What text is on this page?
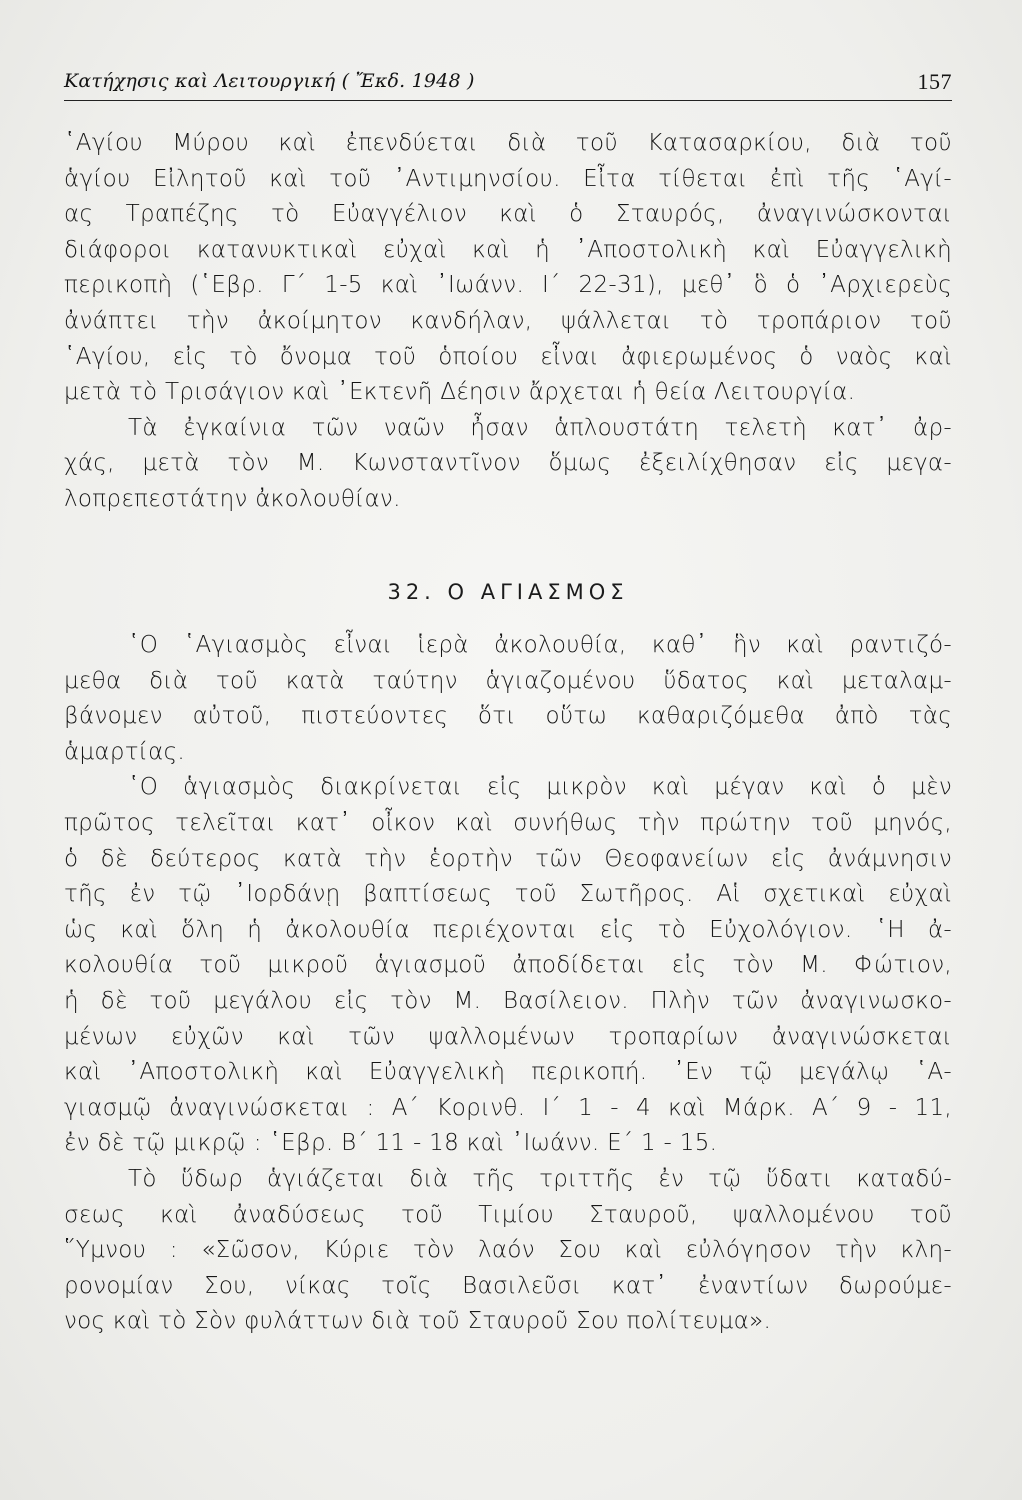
Κατήχησις καὶ Λειτουργική ( Ἔκδ. 1948 )	157
῾Αγίου Μύρου καὶ ἐπενδύεται διὰ τοῦ Κατασαρκίου, διὰ τοῦ
ἁγίου Εἰλητοῦ καὶ τοῦ ᾿Αντιμηνσίου. Εἶτα τίθεται ἐπὶ τῆς ῾Αγί-
ας Τραπέζης τὸ Εὐαγγέλιον καὶ ὁ Σταυρός, ἀναγινώσκονται
διάφοροι κατανυκτικαὶ εὐχαὶ καὶ ἡ ᾿Αποστολικὴ καὶ Εὐαγγελικὴ
περικοπὴ (῾Εβρ. Γ΄ 1-5 καὶ ᾿Ιωάνν. Ι΄ 22-31), μεθ᾿ ὃ ὁ ᾿Αρχιερεὺς
ἀνάπτει τὴν ἀκοίμητον κανδήλαν, ψάλλεται τὸ τροπάριον τοῦ
῾Αγίου, εἰς τὸ ὄνομα τοῦ ὁποίου εἶναι ἀφιερωμένος ὁ ναὸς καὶ
μετὰ τὸ Τρισάγιον καὶ ᾿Εκτενῆ Δέησιν ἄρχεται ἡ θεία Λειτουργία.
Τὰ ἐγκαίνια τῶν ναῶν ἦσαν ἁπλουστάτη τελετὴ κατ᾿ ἀρ-
χάς, μετὰ τὸν Μ. Κωνσταντῖνον ὅμως ἐξειλίχθησαν εἰς μεγα-
λοπρεπεστάτην ἀκολουθίαν.
32. Ο ΑΓΙΑΣΜΟΣ
῾Ο ῾Αγιασμὸς εἶναι ἱερὰ ἀκολουθία, καθ᾿ ἣν καὶ ραντιζό-
μεθα διὰ τοῦ κατὰ ταύτην ἁγιαζομένου ὕδατος καὶ μεταλαμ-
βάνομεν αὐτοῦ, πιστεύοντες ὅτι οὕτω καθαριζόμεθα ἀπὸ τὰς
ἁμαρτίας.
῾Ο ἁγιασμὸς διακρίνεται εἰς μικρὸν καὶ μέγαν καὶ ὁ μὲν
πρῶτος τελεῖται κατ᾿ οἶκον καὶ συνήθως τὴν πρώτην τοῦ μηνός,
ὁ δὲ δεύτερος κατὰ τὴν ἑορτὴν τῶν Θεοφανείων εἰς ἀνάμνησιν
τῆς ἐν τῷ ᾿Ιορδάνῃ βαπτίσεως τοῦ Σωτῆρος. Αἱ σχετικαὶ εὐχαὶ
ὡς καὶ ὅλη ἡ ἀκολουθία περιέχονται εἰς τὸ Εὐχολόγιον. ῾Η ἀ-
κολουθία τοῦ μικροῦ ἁγιασμοῦ ἀποδίδεται εἰς τὸν Μ. Φώτιον,
ἡ δὲ τοῦ μεγάλου εἰς τὸν Μ. Βασίλειον. Πλὴν τῶν ἀναγινωσκο-
μένων εὐχῶν καὶ τῶν ψαλλομένων τροπαρίων ἀναγινώσκεται
καὶ ᾿Αποστολικὴ καὶ Εὐαγγελικὴ περικοπή. ᾿Εν τῷ μεγάλῳ ῾Α-
γιασμῷ ἀναγινώσκεται : Α΄ Κορινθ. Ι΄ 1 - 4 καὶ Μάρκ. Α΄ 9 - 11,
ἐν δὲ τῷ μικρῷ : ῾Εβρ. Β΄ 11 - 18 καὶ ᾿Ιωάνν. Ε΄ 1 - 15.
Τὸ ὕδωρ ἁγιάζεται διὰ τῆς τριττῆς ἐν τῷ ὕδατι καταδύ-
σεως καὶ ἀναδύσεως τοῦ Τιμίου Σταυροῦ, ψαλλομένου τοῦ
῞Υμνου : «Σῶσον, Κύριε τὸν λαόν Σου καὶ εὐλόγησον τὴν κλη-
ρονομίαν Σου, νίκας τοῖς Βασιλεῦσι κατ᾿ ἐναντίων δωρούμε-
νος καὶ τὸ Σὸν φυλάττων διὰ τοῦ Σταυροῦ Σου πολίτευμα».
